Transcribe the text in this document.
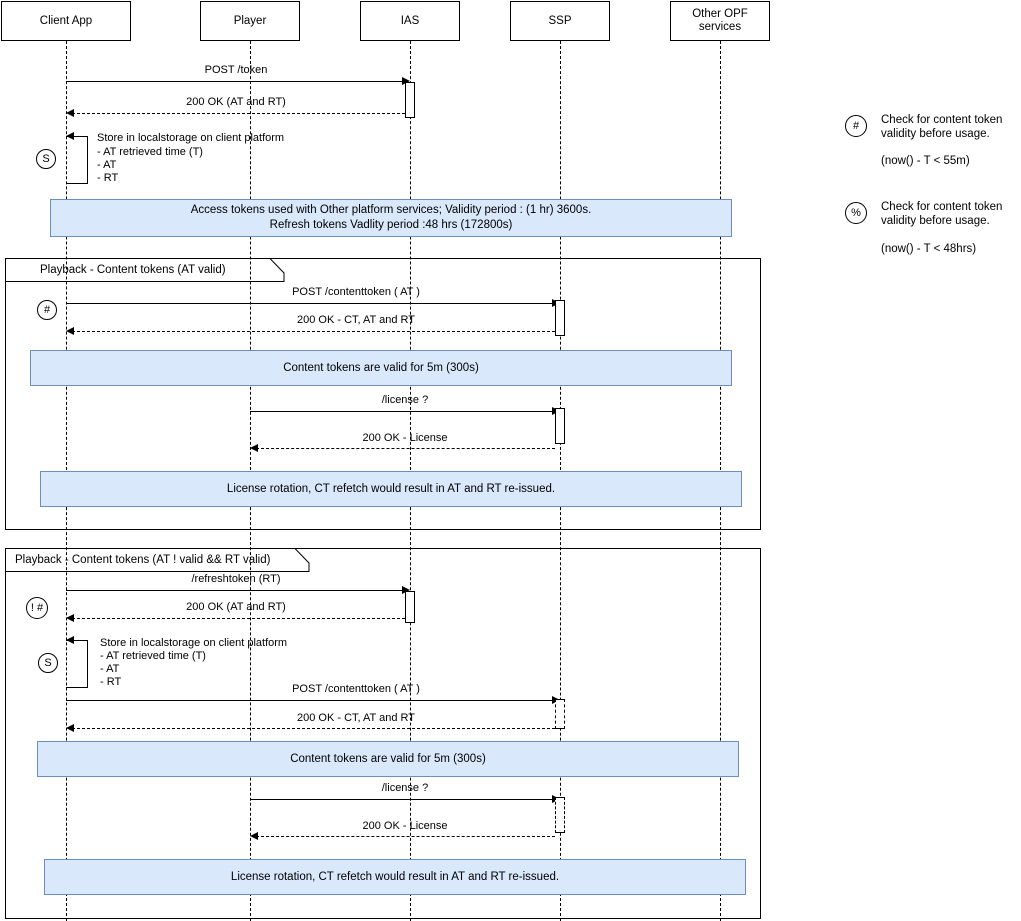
Client App	Player	IAS	SSP
Other OPF services
POST /token
200 OK (AT and RT)
S
Store in localstorage on client platform
- AT retrieved time (T)
- AT
- RT
Access tokens used with Other platform services; Validity period : (1 hr) 3600s.
Refresh tokens Vadlity period :48 hrs (172800s)
Playback - Content tokens (AT valid)
#
POST /contenttoken ( AT )
200 OK - CT, AT and RT
Content tokens are valid for 5m (300s)
/license ?
200 OK - License
License rotation, CT refetch would result in AT and RT re-issued.
Playback - Content tokens (AT ! valid && RT valid)
/refreshtoken (RT)
! #	200 OK (AT and RT)
S
Store in localstorage on client platform
- AT retrieved time (T)
- AT
- RT
POST /contenttoken ( AT )
200 OK - CT, AT and RT
Content tokens are valid for 5m (300s)
/license ?
200 OK - License
License rotation, CT refetch would result in AT and RT re-issued.
# Check for content token validity before usage.
(now() - T < 55m)
% Check for content token validity before usage.
(now() - T < 48hrs)
